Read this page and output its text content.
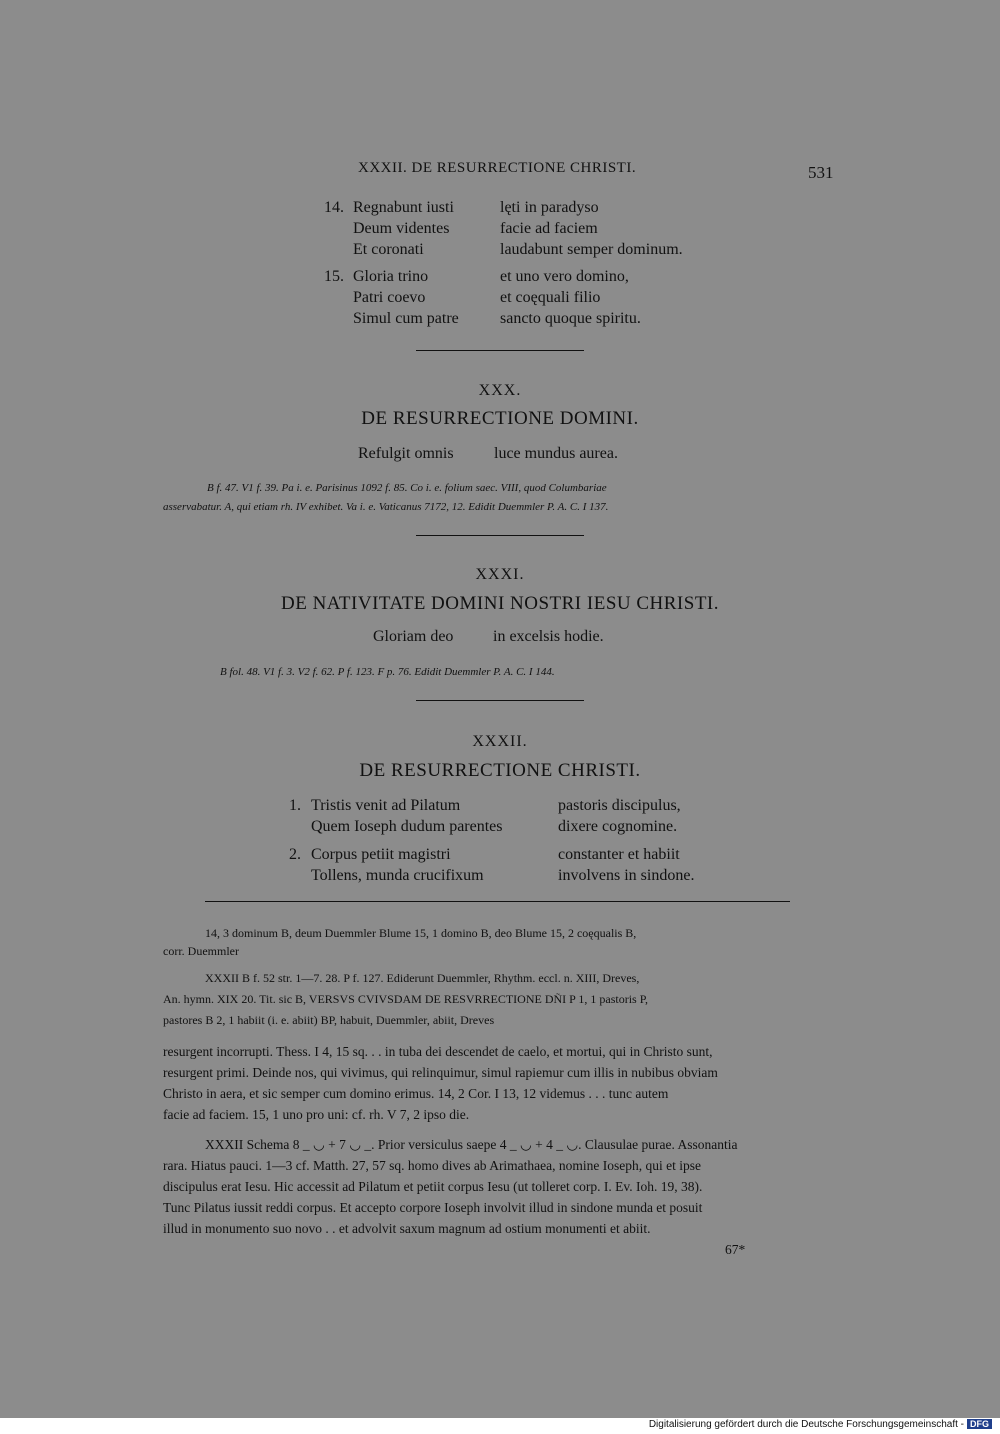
XXXII. DE RESURRECTIONE CHRISTI.	531
14. Regnabunt iusti	lęti in paradyso
Deum videntes	facie ad faciem
Et coronati	laudabunt semper dominum.
15. Gloria trino	et uno vero domino,
Patri coevo	et coęquali filio
Simul cum patre	sancto quoque spiritu.
XXX.
DE RESURRECTIONE DOMINI.
Refulgit omnis	luce mundus aurea.
B f. 47. V1 f. 39. Pa i. e. Parisinus 1092 f. 85. Co i. e. folium saec. VIII, quod Columbariae
asservabatur. A, qui etiam rh. IV exhibet. Va i. e. Vaticanus 7172, 12. Edidit Duemmler P. A. C. I 137.
XXXI.
DE NATIVITATE DOMINI NOSTRI IESU CHRISTI.
Gloriam deo in excelsis hodie.
B fol. 48. V1 f. 3. V2 f. 62. P f. 123. F p. 76. Edidit Duemmler P. A. C. I 144.
XXXII.
DE RESURRECTIONE CHRISTI.
1. Tristis venit ad Pilatum	pastoris discipulus,
Quem Ioseph dudum parentes	dixere cognomine.
2. Corpus petiit magistri	constanter et habiit
Tollens, munda crucifixum	involvens in sindone.
14, 3 dominum B, deum Duemmler Blume 15, 1 domino B, deo Blume 15, 2 coęqualis B,
corr. Duemmler
XXXII B f. 52 str. 1—7. 28. P f. 127. Ediderunt Duemmler, Rhythm. eccl. n. XIII, Dreves,
An. hymn. XIX 20. Tit. sic B, VERSVS CVIVSDAM DE RESVRRECTIONE DÑI P 1, 1 pastoris P,
pastores B 2, 1 habiit (i. e. abiit) BP, habuit, Duemmler, abiit, Dreves
resurgent incorrupti. Thess. I 4, 15 sq. . . in tuba dei descendet de caelo, et mortui, qui in Christo sunt,
resurgent primi. Deinde nos, qui vivimus, qui relinquimur, simul rapiemur cum illis in nubibus obviam
Christo in aera, et sic semper cum domino erimus. 14, 2 Cor. I 13, 12 videmus . . . tunc autem
facie ad faciem. 15, 1 uno pro uni: cf. rh. V 7, 2 ipso die.
XXXII Schema 8 _ ◡ + 7 ◡ _. Prior versiculus saepe 4 _ ◡ + 4 _ ◡. Clausulae purae. Assonantia
rara. Hiatus pauci. 1—3 cf. Matth. 27, 57 sq. homo dives ab Arimathaea, nomine Ioseph, qui et ipse
discipulus erat Iesu. Hic accessit ad Pilatum et petiit corpus Iesu (ut tolleret corp. I. Ev. Ioh. 19, 38).
Tunc Pilatus iussit reddi corpus. Et accepto corpore Ioseph involvit illud in sindone munda et posuit
illud in monumento suo novo . . et advolvit saxum magnum ad ostium monumenti et abiit.
67*
Digitalisierung gefördert durch die Deutsche Forschungsgemeinschaft - DFG
